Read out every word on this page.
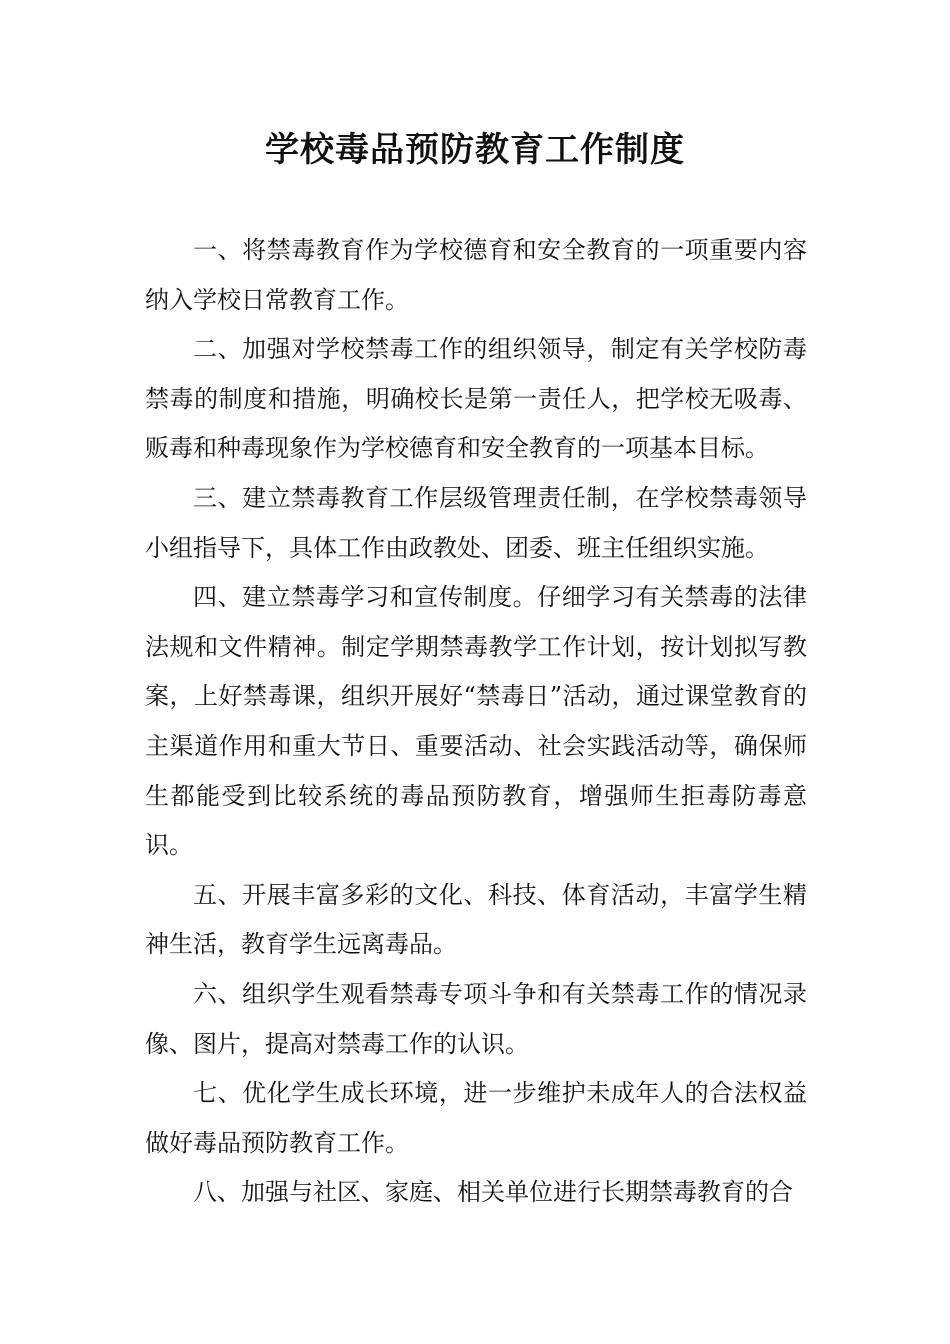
学校毒品预防教育工作制度

一、将禁毒教育作为学校德育和安全教育的一项重要内容纳入学校日常教育工作。

二、加强对学校禁毒工作的组织领导，制定有关学校防毒禁毒的制度和措施，明确校长是第一责任人，把学校无吸毒、贩毒和种毒现象作为学校德育和安全教育的一项基本目标。

三、建立禁毒教育工作层级管理责任制，在学校禁毒领导小组指导下，具体工作由政教处、团委、班主任组织实施。

四、建立禁毒学习和宣传制度。仔细学习有关禁毒的法律法规和文件精神。制定学期禁毒教学工作计划，按计划拟写教案，上好禁毒课，组织开展好“禁毒日”活动，通过课堂教育的主渠道作用和重大节日、重要活动、社会实践活动等，确保师生都能受到比较系统的毒品预防教育，增强师生拒毒防毒意识。

五、开展丰富多彩的文化、科技、体育活动，丰富学生精神生活，教育学生远离毒品。

六、组织学生观看禁毒专项斗争和有关禁毒工作的情况录像、图片，提高对禁毒工作的认识。

七、优化学生成长环境，进一步维护未成年人的合法权益做好毒品预防教育工作。

八、加强与社区、家庭、相关单位进行长期禁毒教育的合
